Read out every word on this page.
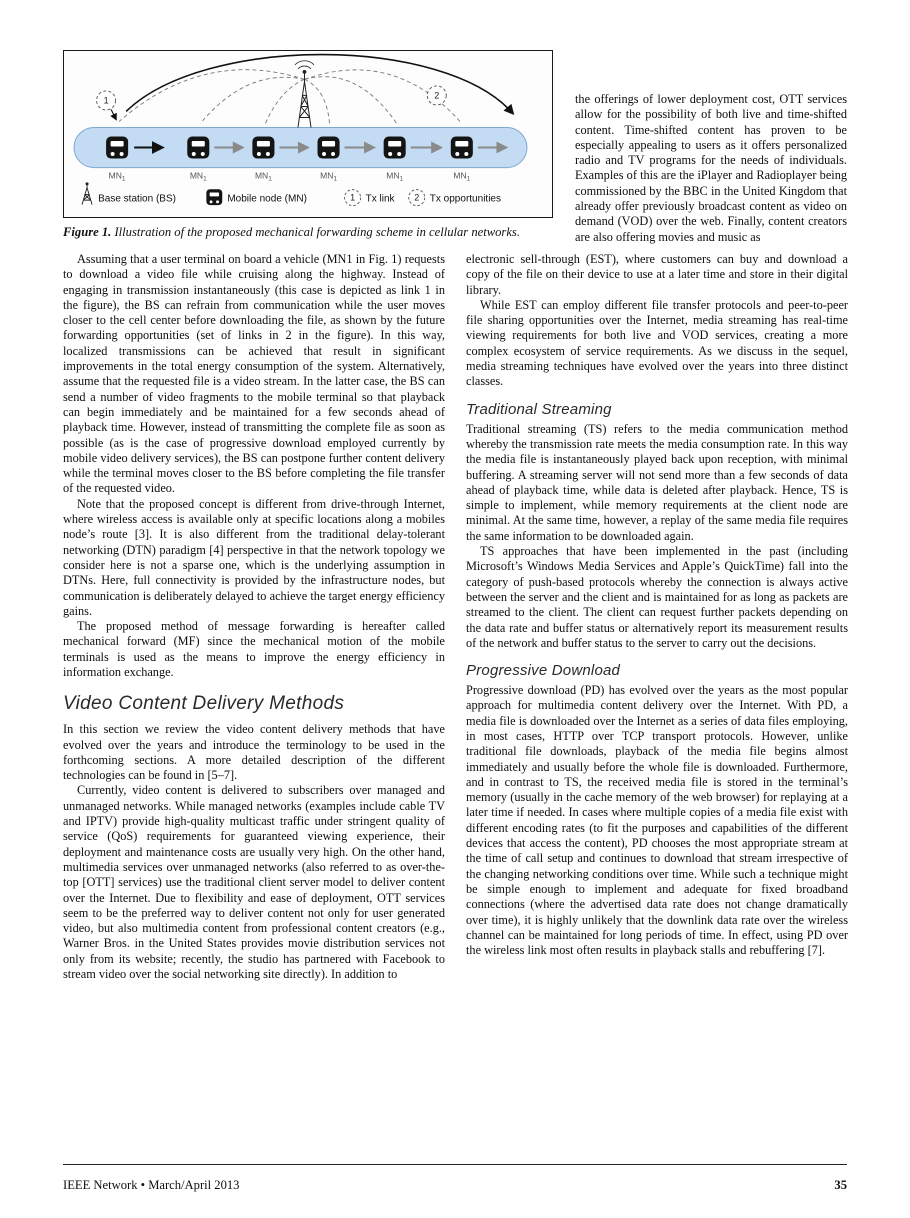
1
2
$MN_1$	$MN_1$	$MN_1$	$MN_1$	$MN_1$	$MN_1$
Base station (BS)	Mobile node (MN)	1 Tx link 2 Tx opportunities
Figure 1. Illustration of the proposed mechanical forwarding scheme in cellular networks.

the offerings of lower deployment cost, OTT services allow for the possibility of both live and time-shifted content. Time-shifted content has proven to be especially appealing to users as it offers personalized radio and TV programs for the needs of individuals. Examples of this are the iPlayer and Radioplayer being commissioned by the BBC in the United Kingdom that already offer previously broadcast content as video on demand (VOD) over the web. Finally, content creators are also offering movies and music as

Assuming that a user terminal on board a vehicle (MN1 in Fig. 1) requests to download a video file while cruising along the highway. Instead of engaging in transmission instantaneously (this case is depicted as link 1 in the figure), the BS can refrain from communication while the user moves closer to the cell center before downloading the file, as shown by the future forwarding opportunities (set of links in 2 in the figure). In this way, localized transmissions can be achieved that result in significant improvements in the total energy consumption of the system. Alternatively, assume that the requested file is a video stream. In the latter case, the BS can send a number of video fragments to the mobile terminal so that playback can begin immediately and be maintained for a few seconds ahead of playback time. However, instead of transmitting the complete file as soon as possible (as is the case of progressive download employed currently by mobile video delivery services), the BS can postpone further content delivery while the terminal moves closer to the BS before completing the file transfer of the requested video.

Note that the proposed concept is different from drive-through Internet, where wireless access is available only at specific locations along a mobiles node’s route [3]. It is also different from the traditional delay-tolerant networking (DTN) paradigm [4] perspective in that the network topology we consider here is not a sparse one, which is the underlying assumption in DTNs. Here, full connectivity is provided by the infrastructure nodes, but communication is deliberately delayed to achieve the target energy efficiency gains.

The proposed method of message forwarding is hereafter called mechanical forward (MF) since the mechanical motion of the mobile terminals is used as the means to improve the energy efficiency in information exchange.

Video Content Delivery Methods

In this section we review the video content delivery methods that have evolved over the years and introduce the terminology to be used in the forthcoming sections. A more detailed description of the different technologies can be found in [5–7].

Currently, video content is delivered to subscribers over managed and unmanaged networks. While managed networks (examples include cable TV and IPTV) provide high-quality multicast traffic under stringent quality of service (QoS) requirements for guaranteed viewing experience, their deployment and maintenance costs are usually very high. On the other hand, multimedia services over unmanaged networks (also referred to as over-the-top [OTT] services) use the traditional client server model to deliver content over the Internet. Due to flexibility and ease of deployment, OTT services seem to be the preferred way to deliver content not only for user generated video, but also multimedia content from professional content creators (e.g., Warner Bros. in the United States provides movie distribution services not only from its website; recently, the studio has partnered with Facebook to stream video over the social networking site directly). In addition to

electronic sell-through (EST), where customers can buy and download a copy of the file on their device to use at a later time and store in their digital library.

While EST can employ different file transfer protocols and peer-to-peer file sharing opportunities over the Internet, media streaming has real-time viewing requirements for both live and VOD services, creating a more complex ecosystem of service requirements. As we discuss in the sequel, media streaming techniques have evolved over the years into three distinct classes.

Traditional Streaming

Traditional streaming (TS) refers to the media communication method whereby the transmission rate meets the media consumption rate. In this way the media file is instantaneously played back upon reception, with minimal buffering. A streaming server will not send more than a few seconds of data ahead of playback time, while data is deleted after playback. Hence, TS is simple to implement, while memory requirements at the client node are minimal. At the same time, however, a replay of the same media file requires the same information to be downloaded again.

TS approaches that have been implemented in the past (including Microsoft’s Windows Media Services and Apple’s QuickTime) fall into the category of push-based protocols whereby the connection is always active between the server and the client and is maintained for as long as packets are streamed to the client. The client can request further packets depending on the data rate and buffer status or alternatively report its measurement results of the network and buffer status to the server to carry out the decisions.

Progressive Download

Progressive download (PD) has evolved over the years as the most popular approach for multimedia content delivery over the Internet. With PD, a media file is downloaded over the Internet as a series of data files employing, in most cases, HTTP over TCP transport protocols. However, unlike traditional file downloads, playback of the media file begins almost immediately and usually before the whole file is downloaded. Furthermore, and in contrast to TS, the received media file is stored in the terminal’s memory (usually in the cache memory of the web browser) for replaying at a later time if needed. In cases where multiple copies of a media file exist with different encoding rates (to fit the purposes and capabilities of the different devices that access the content), PD chooses the most appropriate stream at the time of call setup and continues to download that stream irrespective of the changing networking conditions over time. While such a technique might be simple enough to implement and adequate for fixed broadband connections (where the advertised data rate does not change dramatically over time), it is highly unlikely that the downlink data rate over the wireless channel can be maintained for long periods of time. In effect, using PD over the wireless link most often results in playback stalls and rebuffering [7].

IEEE Network • March/April 2013	35
